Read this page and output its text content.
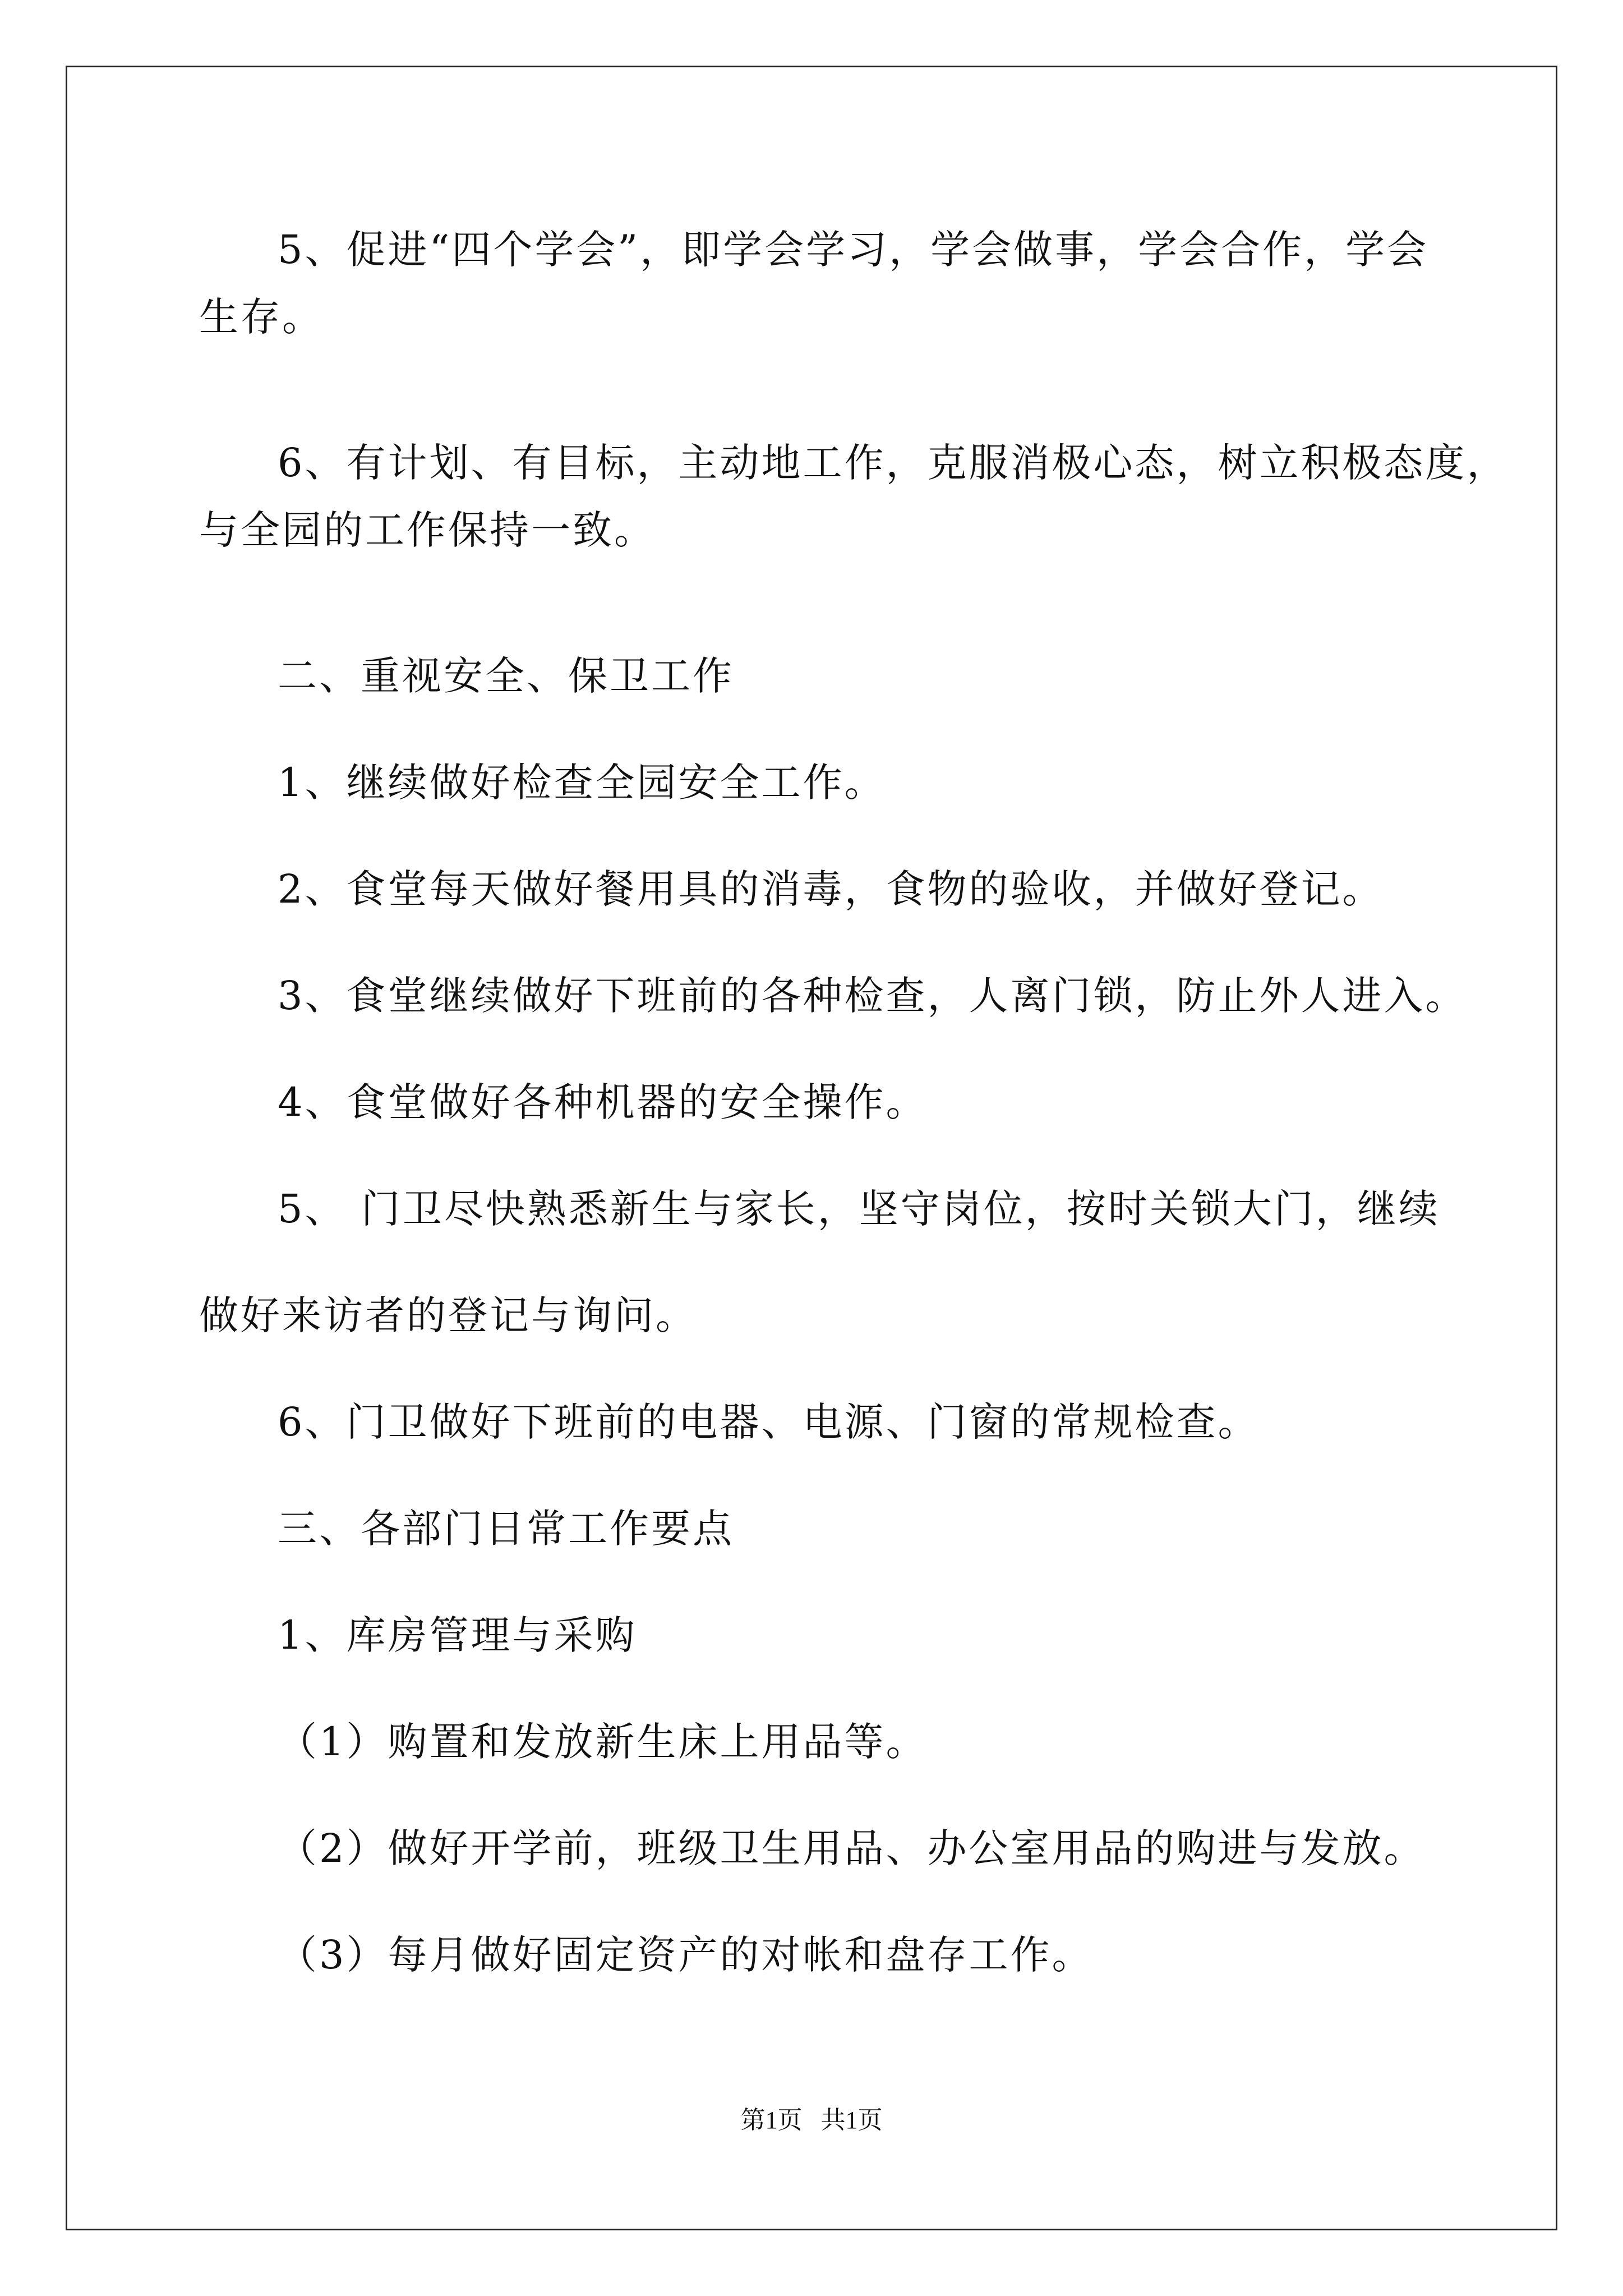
5、促进“四个学会”，即学会学习，学会做事，学会合作，学会
生存。
6、有计划、有目标，主动地工作，克服消极心态，树立积极态度，
与全园的工作保持一致。
二、重视安全、保卫工作
1、继续做好检查全园安全工作。
2、食堂每天做好餐用具的消毒，食物的验收，并做好登记。
3、食堂继续做好下班前的各种检查，人离门锁，防止外人进入。
4、食堂做好各种机器的安全操作。
5、 门卫尽快熟悉新生与家长，坚守岗位，按时关锁大门，继续
做好来访者的登记与询问。
6、门卫做好下班前的电器、电源、门窗的常规检查。
三、各部门日常工作要点
1、库房管理与采购
（1）购置和发放新生床上用品等。
（2）做好开学前，班级卫生用品、办公室用品的购进与发放。
（3）每月做好固定资产的对帐和盘存工作。
第1页   共1页
